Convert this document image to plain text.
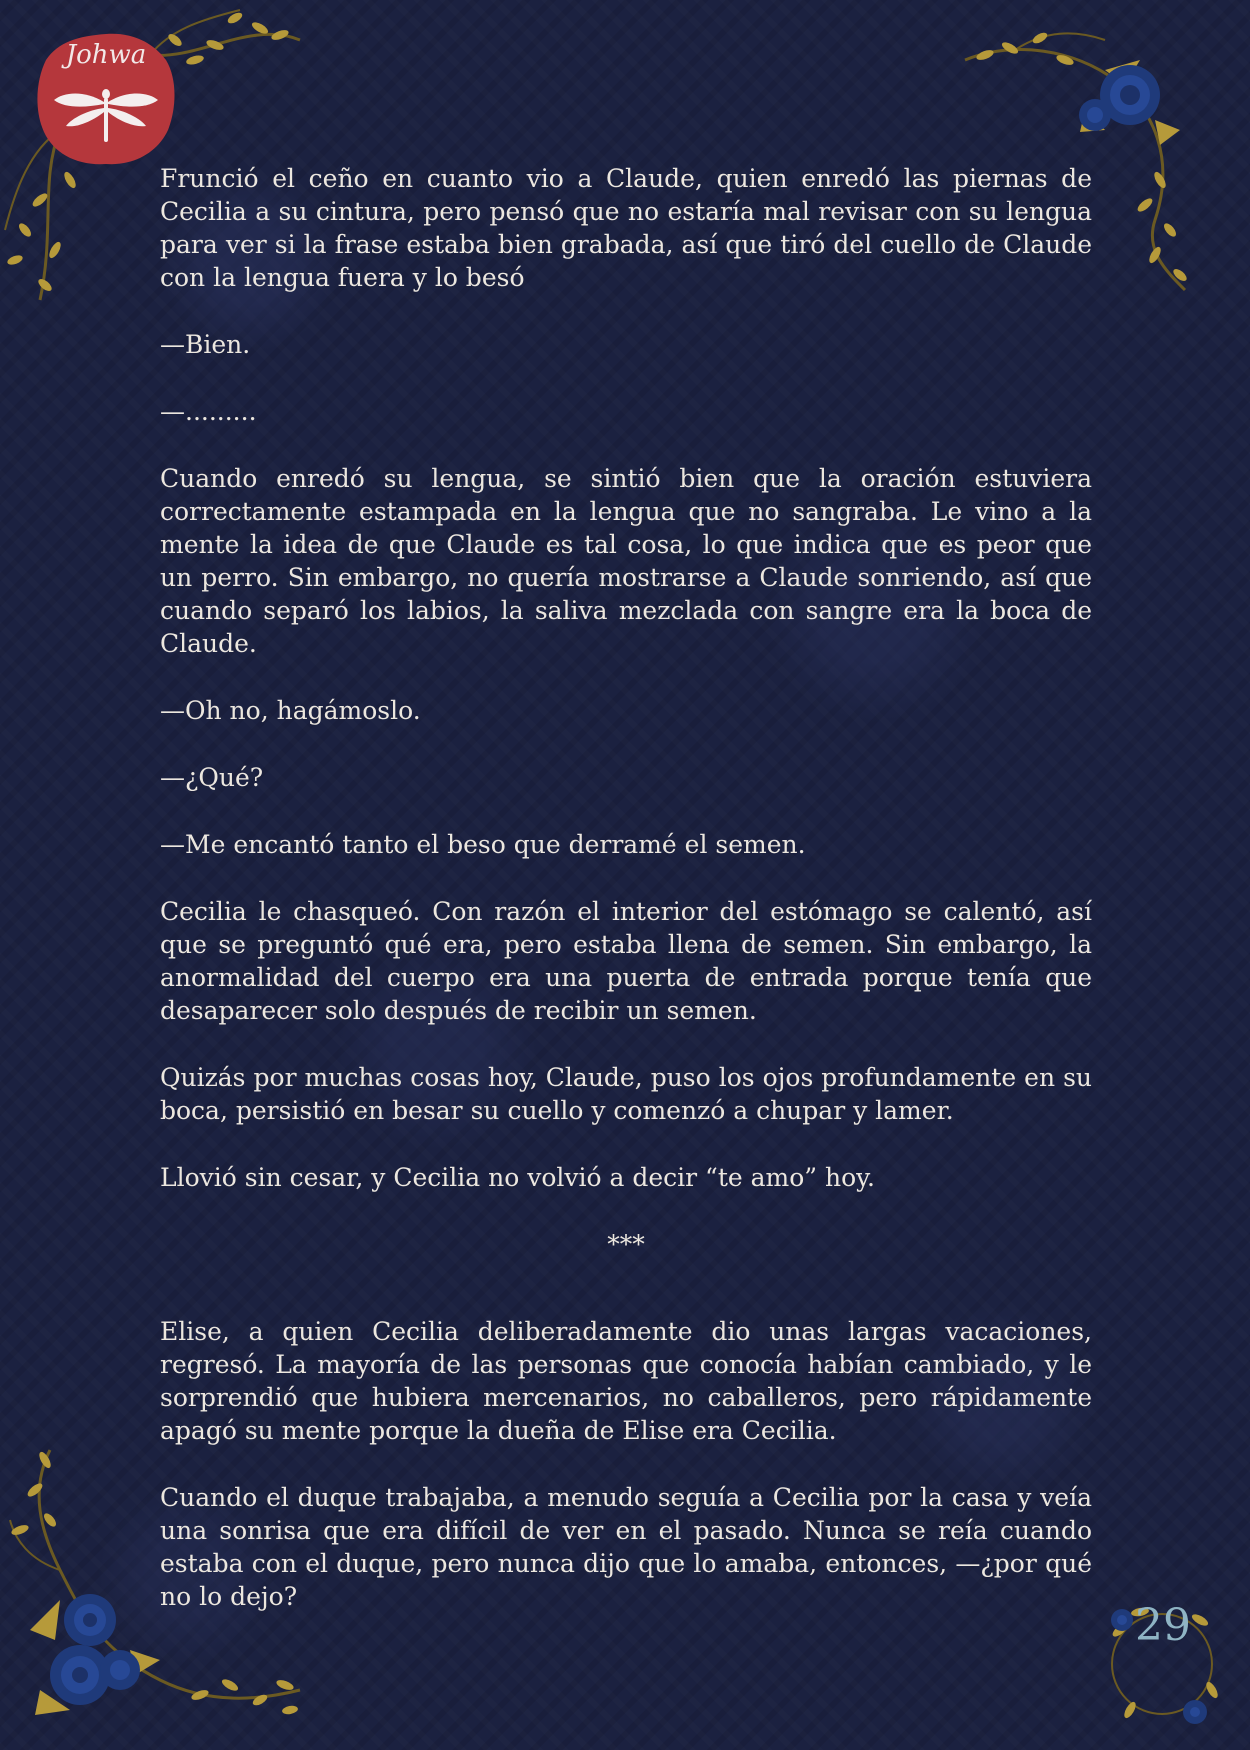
Johwa

Frunció el ceño en cuanto vio a Claude, quien enredó las piernas de Cecilia a su cintura, pero pensó que no estaría mal revisar con su lengua para ver si la frase estaba bien grabada, así que tiró del cuello de Claude con la lengua fuera y lo besó

—Bien.

—.........

Cuando enredó su lengua, se sintió bien que la oración estuviera correctamente estampada en la lengua que no sangraba. Le vino a la mente la idea de que Claude es tal cosa, lo que indica que es peor que un perro. Sin embargo, no quería mostrarse a Claude sonriendo, así que cuando separó los labios, la saliva mezclada con sangre era la boca de Claude.

—Oh no, hagámoslo.

—¿Qué?

—Me encantó tanto el beso que derramé el semen.

Cecilia le chasqueó. Con razón el interior del estómago se calentó, así que se preguntó qué era, pero estaba llena de semen. Sin embargo, la anormalidad del cuerpo era una puerta de entrada porque tenía que desaparecer solo después de recibir un semen.

Quizás por muchas cosas hoy, Claude, puso los ojos profundamente en su boca, persistió en besar su cuello y comenzó a chupar y lamer.

Llovió sin cesar, y Cecilia no volvió a decir “te amo” hoy.

***

Elise, a quien Cecilia deliberadamente dio unas largas vacaciones, regresó. La mayoría de las personas que conocía habían cambiado, y le sorprendió que hubiera mercenarios, no caballeros, pero rápidamente apagó su mente porque la dueña de Elise era Cecilia.

Cuando el duque trabajaba, a menudo seguía a Cecilia por la casa y veía una sonrisa que era difícil de ver en el pasado. Nunca se reía cuando estaba con el duque, pero nunca dijo que lo amaba, entonces, —¿por qué no lo dejo?

29
